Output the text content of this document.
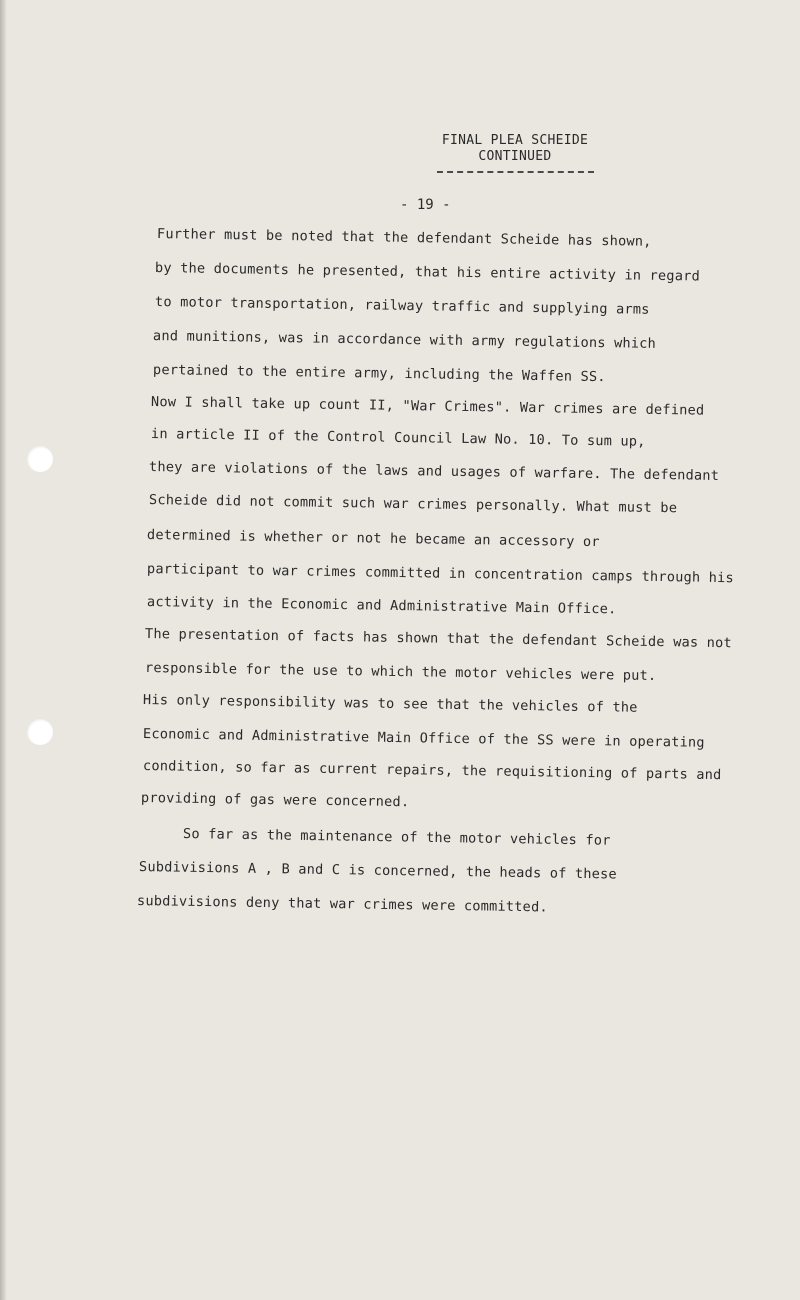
FINAL PLEA SCHEIDE
CONTINUED
- 19 -
Further must be noted that the defendant Scheide has shown,
by the documents he presented, that his entire activity in regard
to motor transportation, railway traffic and supplying arms
and munitions, was in accordance with army regulations which
pertained to the entire army, including the Waffen SS.
Now I shall take up count II, "War Crimes". War crimes are defined
in article II of the Control Council Law No. 10. To sum up,
they are violations of the laws and usages of warfare. The defendant
Scheide did not commit such war crimes personally. What must be
determined is whether or not he became an accessory or
participant to war crimes committed in concentration camps through his
activity in the Economic and Administrative Main Office.
The presentation of facts has shown that the defendant Scheide was not
responsible for the use to which the motor vehicles were put.
His only responsibility was to see that the vehicles of the
Economic and Administrative Main Office of the SS were in operating
condition, so far as current repairs, the requisitioning of parts and
providing of gas were concerned.
So far as the maintenance of the motor vehicles for
Subdivisions A , B and C is concerned, the heads of these
subdivisions deny that war crimes were committed.
